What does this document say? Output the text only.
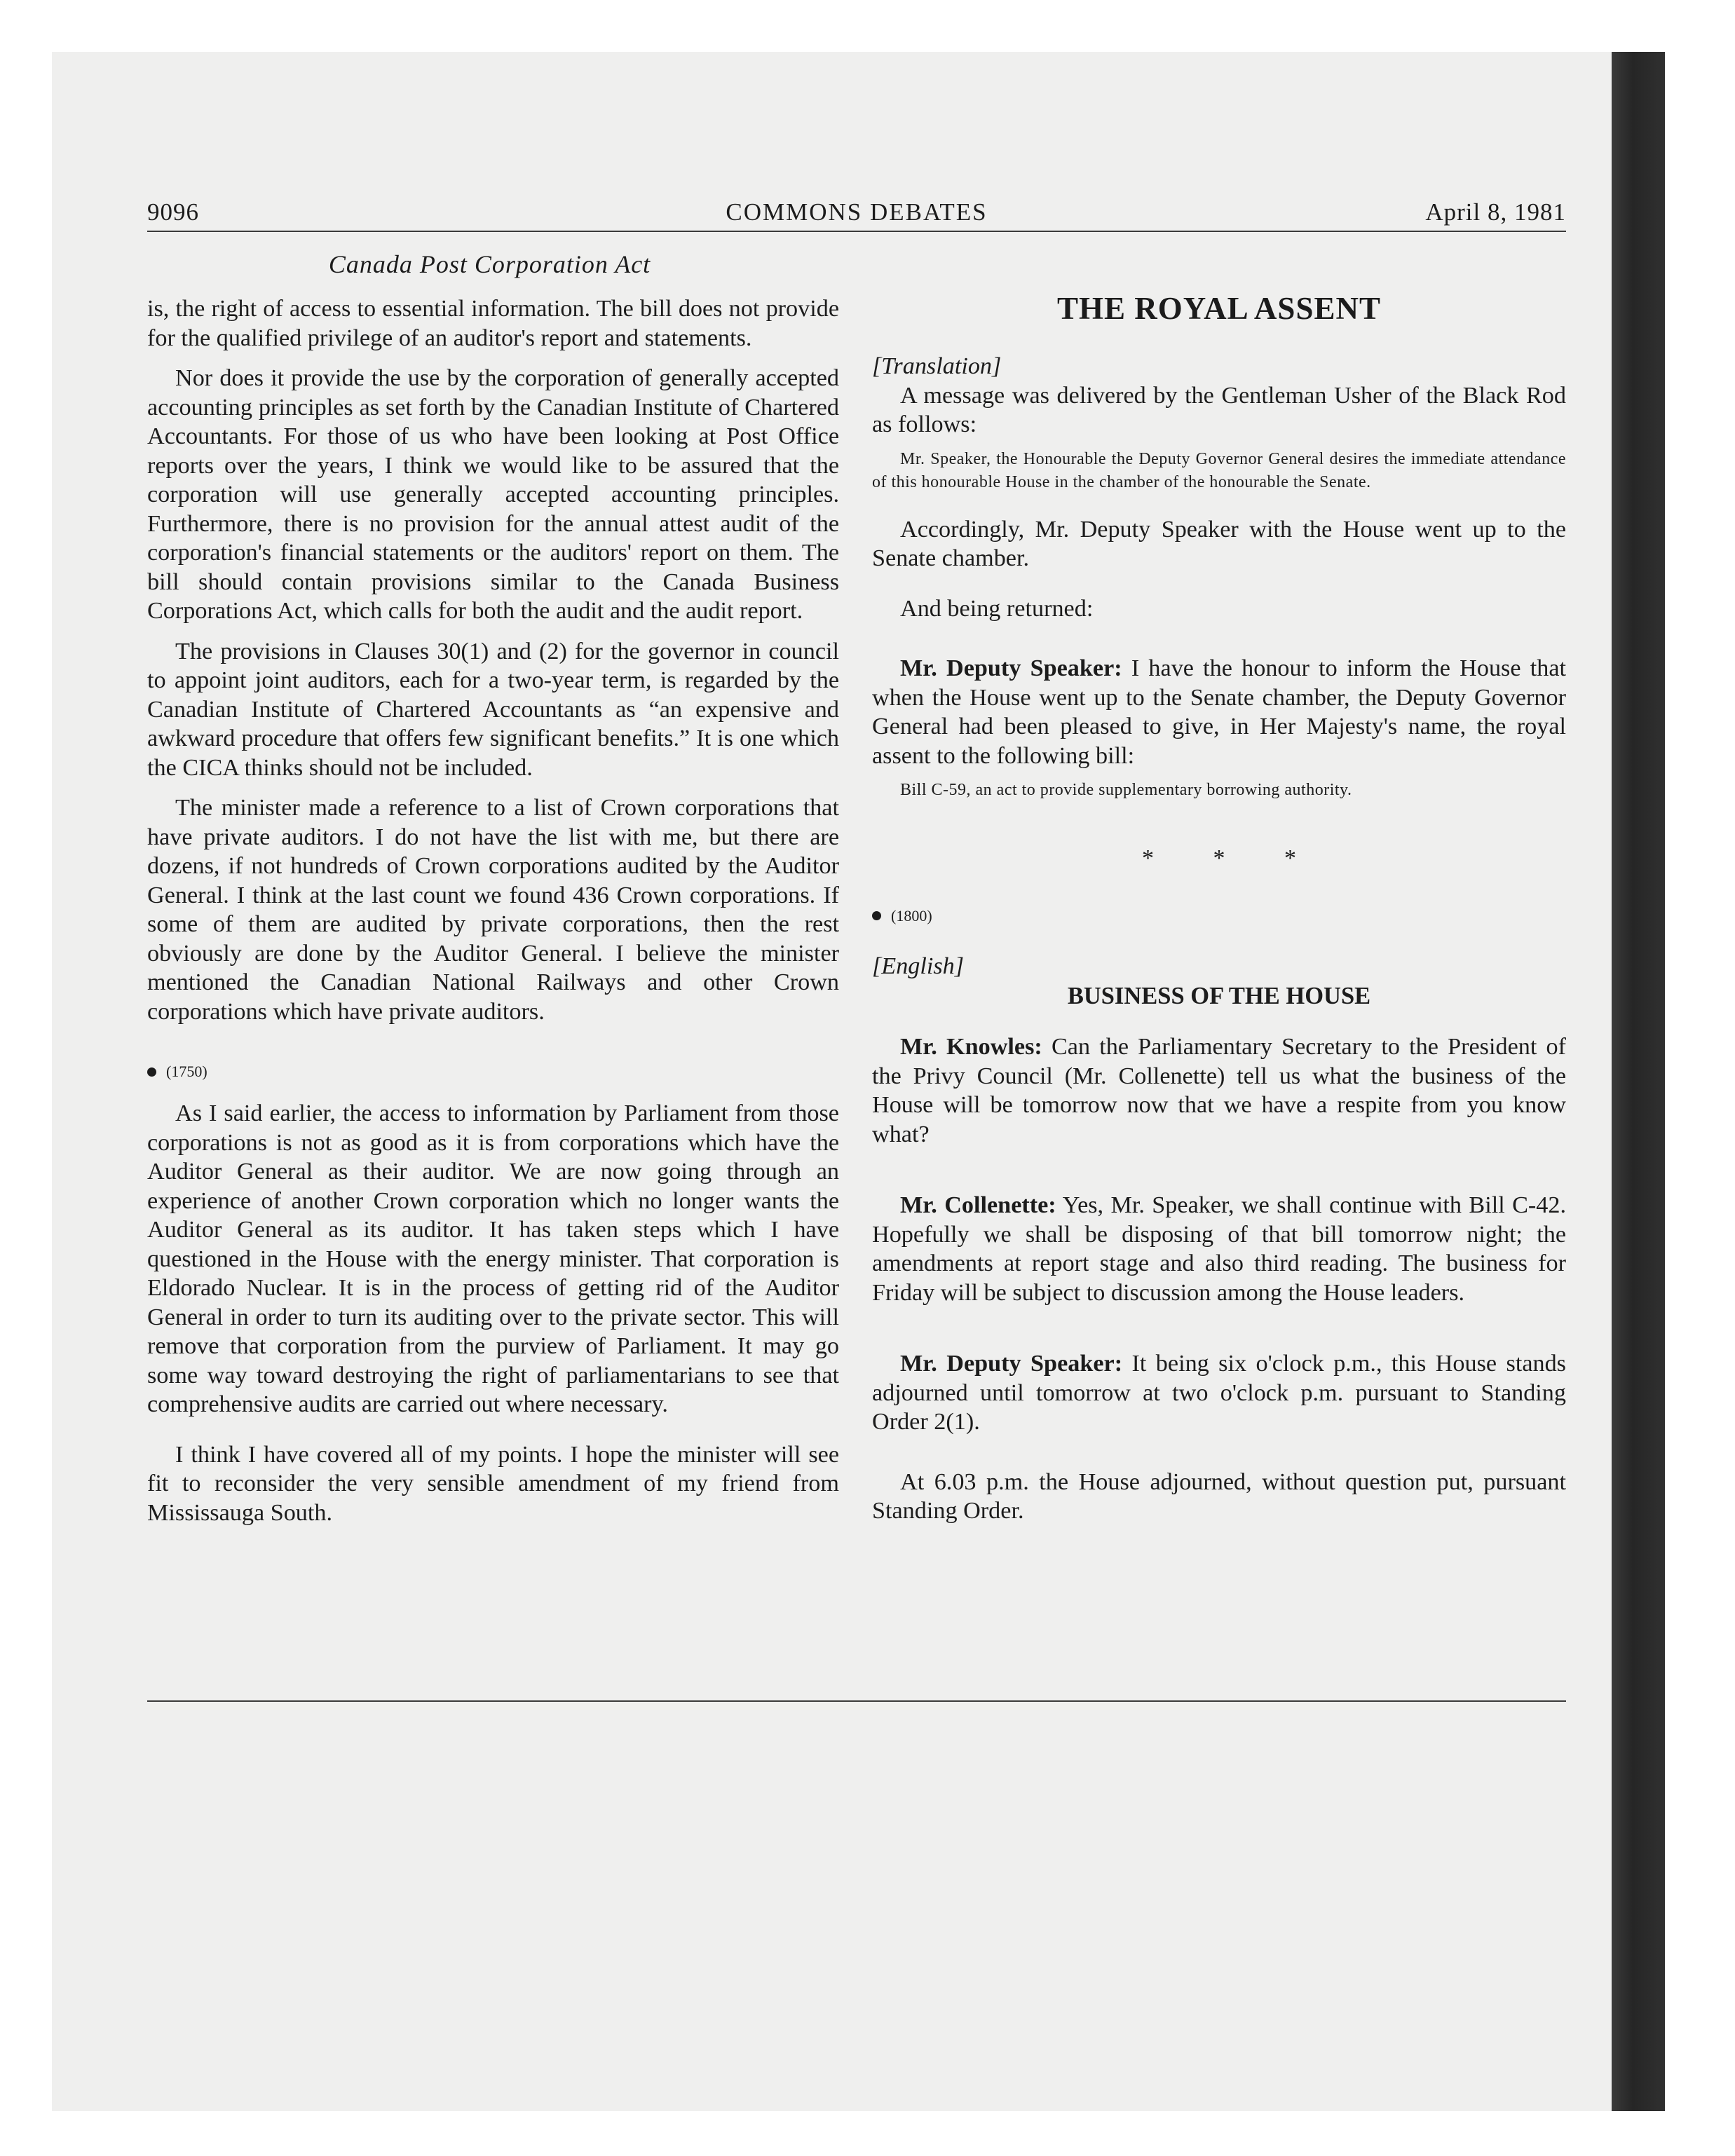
9096	COMMONS DEBATES	April 8, 1981
Canada Post Corporation Act

is, the right of access to essential information. The bill does not provide for the qualified privilege of an auditor's report and statements.

Nor does it provide the use by the corporation of generally accepted accounting principles as set forth by the Canadian Institute of Chartered Accountants. For those of us who have been looking at Post Office reports over the years, I think we would like to be assured that the corporation will use generally accepted accounting principles. Furthermore, there is no provision for the annual attest audit of the corporation's financial statements or the auditors' report on them. The bill should contain provisions similar to the Canada Business Corporations Act, which calls for both the audit and the audit report.

The provisions in Clauses 30(1) and (2) for the governor in council to appoint joint auditors, each for a two-year term, is regarded by the Canadian Institute of Chartered Accountants as “an expensive and awkward procedure that offers few significant benefits.” It is one which the CICA thinks should not be included.

The minister made a reference to a list of Crown corporations that have private auditors. I do not have the list with me, but there are dozens, if not hundreds of Crown corporations audited by the Auditor General. I think at the last count we found 436 Crown corporations. If some of them are audited by private corporations, then the rest obviously are done by the Auditor General. I believe the minister mentioned the Canadian National Railways and other Crown corporations which have private auditors.

(1750)

As I said earlier, the access to information by Parliament from those corporations is not as good as it is from corporations which have the Auditor General as their auditor. We are now going through an experience of another Crown corporation which no longer wants the Auditor General as its auditor. It has taken steps which I have questioned in the House with the energy minister. That corporation is Eldorado Nuclear. It is in the process of getting rid of the Auditor General in order to turn its auditing over to the private sector. This will remove that corporation from the purview of Parliament. It may go some way toward destroying the right of parliamentarians to see that comprehensive audits are carried out where necessary.

I think I have covered all of my points. I hope the minister will see fit to reconsider the very sensible amendment of my friend from Mississauga South.

THE ROYAL ASSENT

[Translation]

A message was delivered by the Gentleman Usher of the Black Rod as follows:

Mr. Speaker, the Honourable the Deputy Governor General desires the immediate attendance of this honourable House in the chamber of the honourable the Senate.

Accordingly, Mr. Deputy Speaker with the House went up to the Senate chamber.

And being returned:

Mr. Deputy Speaker: I have the honour to inform the House that when the House went up to the Senate chamber, the Deputy Governor General had been pleased to give, in Her Majesty's name, the royal assent to the following bill:

Bill C-59, an act to provide supplementary borrowing authority.

* * *
(1800)

[English]

BUSINESS OF THE HOUSE

Mr. Knowles: Can the Parliamentary Secretary to the President of the Privy Council (Mr. Collenette) tell us what the business of the House will be tomorrow now that we have a respite from you know what?

Mr. Collenette: Yes, Mr. Speaker, we shall continue with Bill C-42. Hopefully we shall be disposing of that bill tomorrow night; the amendments at report stage and also third reading. The business for Friday will be subject to discussion among the House leaders.

Mr. Deputy Speaker: It being six o'clock p.m., this House stands adjourned until tomorrow at two o'clock p.m. pursuant to Standing Order 2(1).

At 6.03 p.m. the House adjourned, without question put, pursuant Standing Order.
